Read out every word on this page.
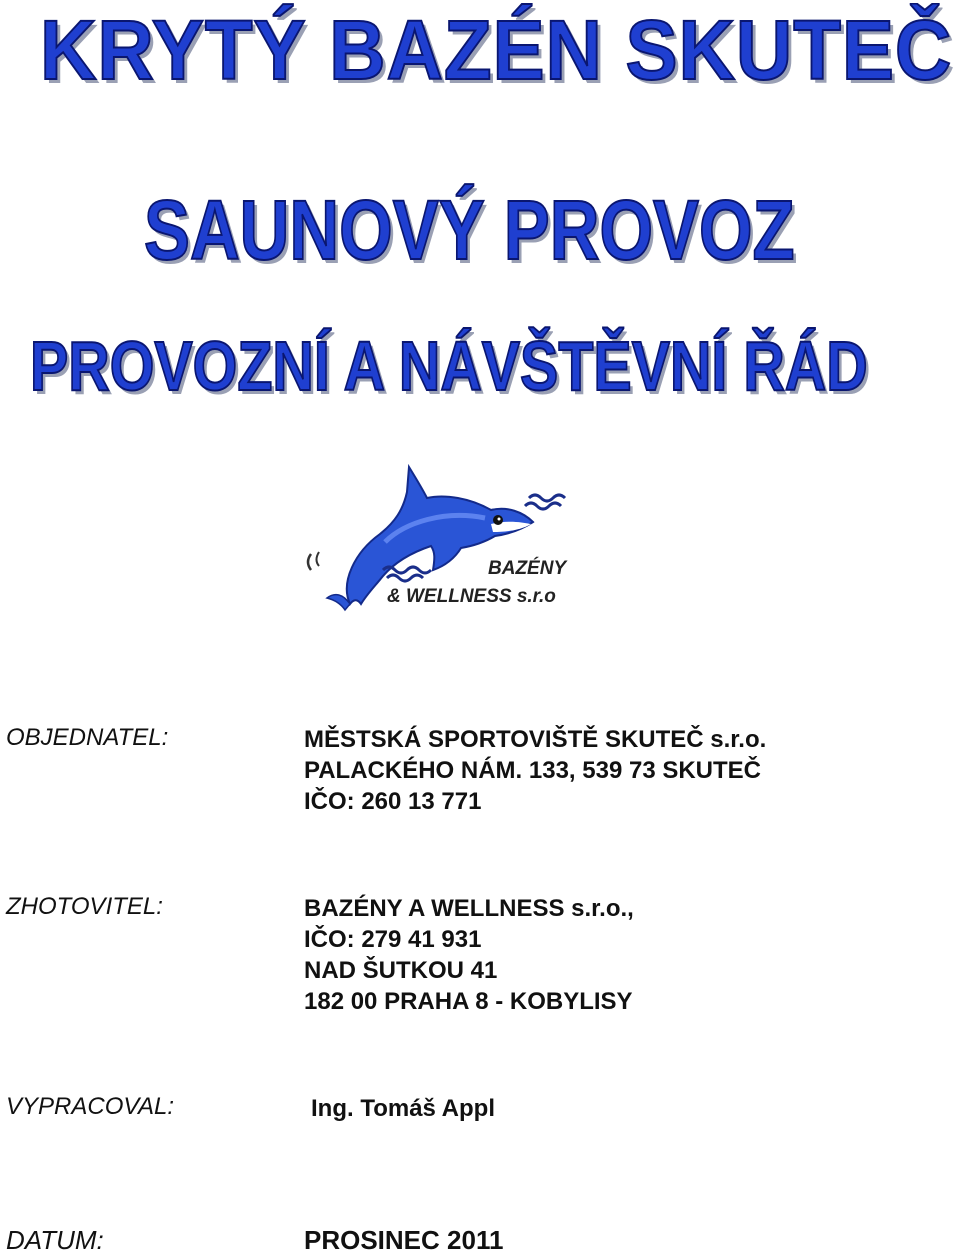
KRYTÝ BAZÉN SKUTEČ
SAUNOVÝ PROVOZ
PROVOZNÍ A NÁVŠTĚVNÍ ŘÁD
BAZÉNY
& WELLNESS s.r.o
OBJEDNATEL:	MĚSTSKÁ SPORTOVIŠTĚ SKUTEČ s.r.o.
PALACKÉHO NÁM. 133, 539 73 SKUTEČ
IČO: 260 13 771
ZHOTOVITEL:	BAZÉNY A WELLNESS s.r.o.,
IČO: 279 41 931
NAD ŠUTKOU 41
182 00 PRAHA 8 - KOBYLISY
VYPRACOVAL:	Ing. Tomáš Appl
DATUM:	PROSINEC 2011
